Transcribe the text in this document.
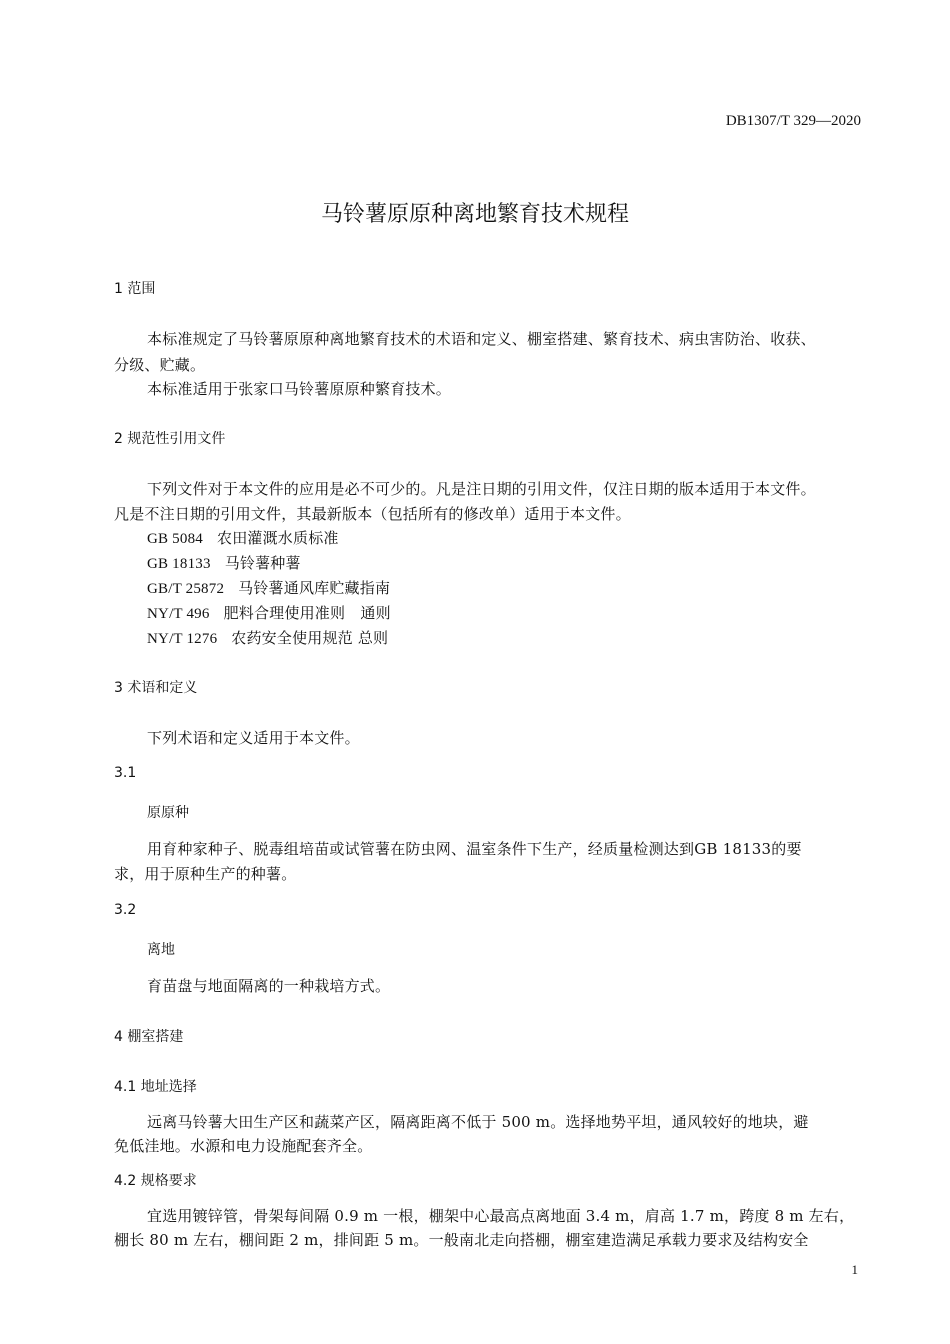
DB1307/T 329—2020
马铃薯原原种离地繁育技术规程
1 范围
本标准规定了马铃薯原原种离地繁育技术的术语和定义、棚室搭建、繁育技术、病虫害防治、收获、
分级、贮藏。
本标准适用于张家口马铃薯原原种繁育技术。
2 规范性引用文件
下列文件对于本文件的应用是必不可少的。凡是注日期的引用文件，仅注日期的版本适用于本文件。
凡是不注日期的引用文件，其最新版本（包括所有的修改单）适用于本文件。
GB 5084 农田灌溉水质标准
GB 18133 马铃薯种薯
GB/T 25872 马铃薯通风库贮藏指南
NY/T 496 肥料合理使用准则　通则
NY/T 1276 农药安全使用规范 总则
3 术语和定义
下列术语和定义适用于本文件。
3.1
原原种
用育种家种子、脱毒组培苗或试管薯在防虫网、温室条件下生产，经质量检测达到GB 18133的要
求，用于原种生产的种薯。
3.2
离地
育苗盘与地面隔离的一种栽培方式。
4 棚室搭建
4.1 地址选择
远离马铃薯大田生产区和蔬菜产区，隔离距离不低于 500 m。选择地势平坦，通风较好的地块，避
免低洼地。水源和电力设施配套齐全。
4.2 规格要求
宜选用镀锌管，骨架每间隔 0.9 m 一根，棚架中心最高点离地面 3.4 m，肩高 1.7 m，跨度 8 m 左右，
棚长 80 m 左右，棚间距 2 m，排间距 5 m。一般南北走向搭棚，棚室建造满足承载力要求及结构安全
1
